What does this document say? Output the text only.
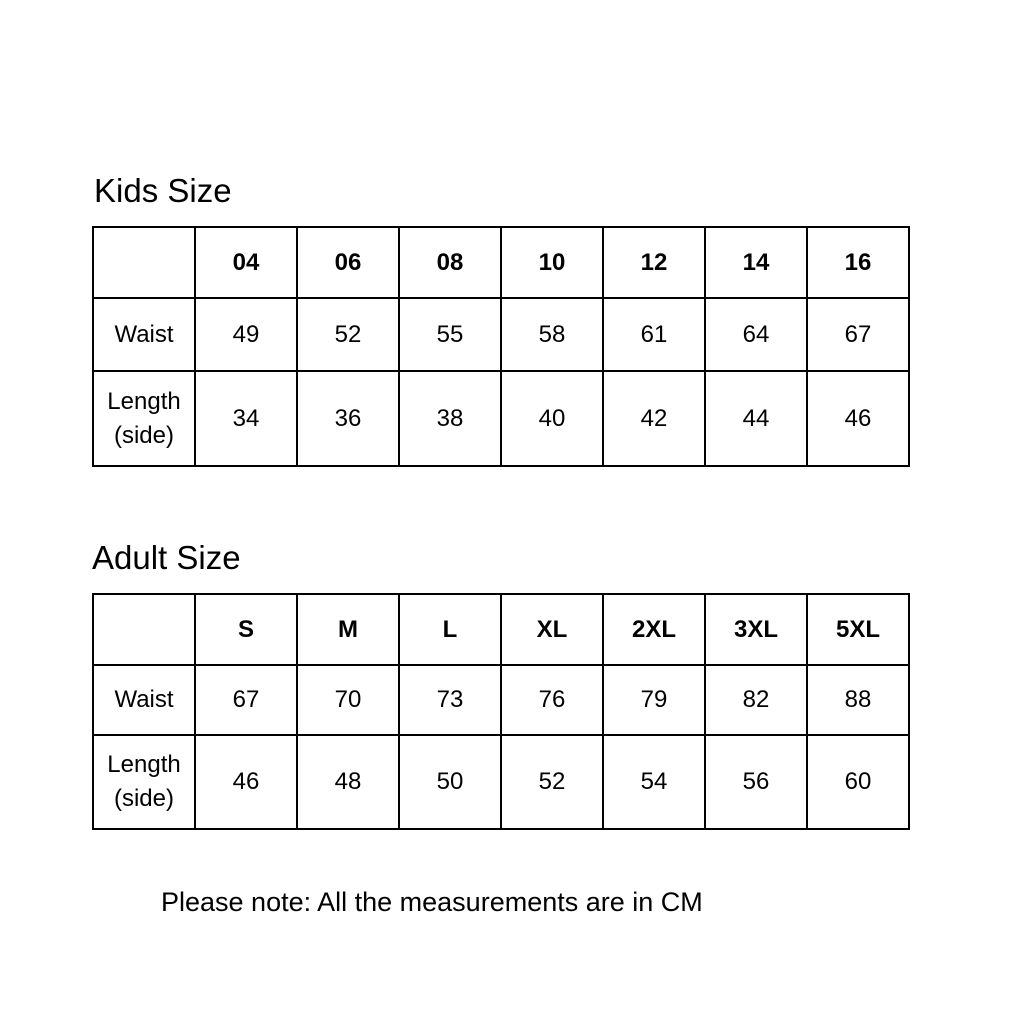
Kids Size
	04	06	08	10	12	14	16
Waist	49	52	55	58	61	64	67
Length
(side)	34	36	38	40	42	44	46
Adult Size
	S	M	L	XL	2XL	3XL	5XL
Waist	67	70	73	76	79	82	88
Length
(side)	46	48	50	52	54	56	60

Please note: All the measurements are in CM
